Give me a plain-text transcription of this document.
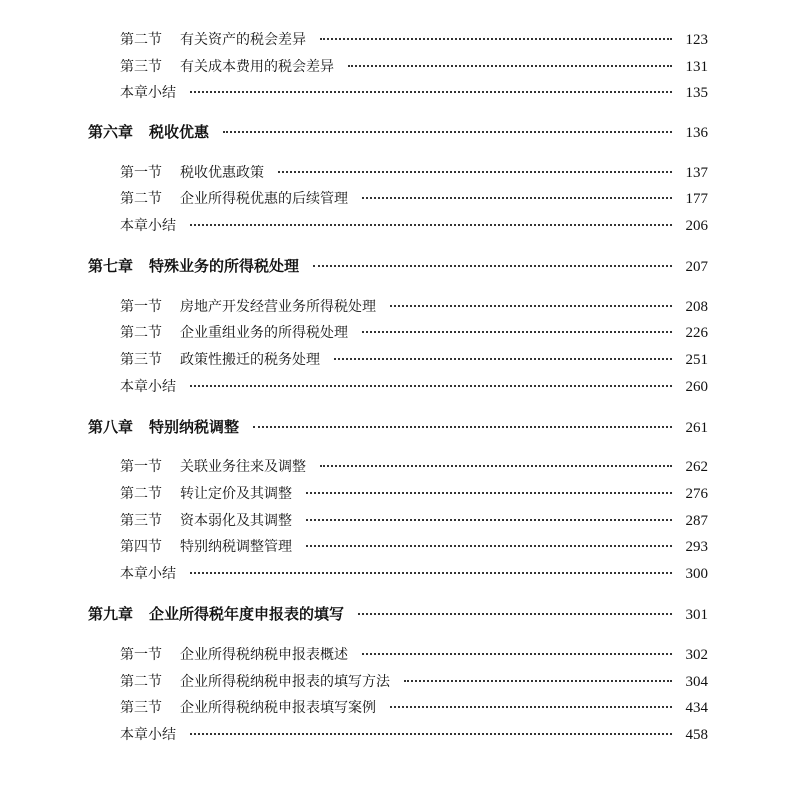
第二节 有关资产的税会差异	123
第三节 有关成本费用的税会差异	131
本章小结	135
第六章 税收优惠	136
第一节 税收优惠政策	137
第二节 企业所得税优惠的后续管理	177
本章小结	206
第七章 特殊业务的所得税处理	207
第一节 房地产开发经营业务所得税处理	208
第二节 企业重组业务的所得税处理	226
第三节 政策性搬迁的税务处理	251
本章小结	260
第八章 特别纳税调整	261
第一节 关联业务往来及调整	262
第二节 转让定价及其调整	276
第三节 资本弱化及其调整	287
第四节 特别纳税调整管理	293
本章小结	300
第九章 企业所得税年度申报表的填写	301
第一节 企业所得税纳税申报表概述	302
第二节 企业所得税纳税申报表的填写方法	304
第三节 企业所得税纳税申报表填写案例	434
本章小结	458
